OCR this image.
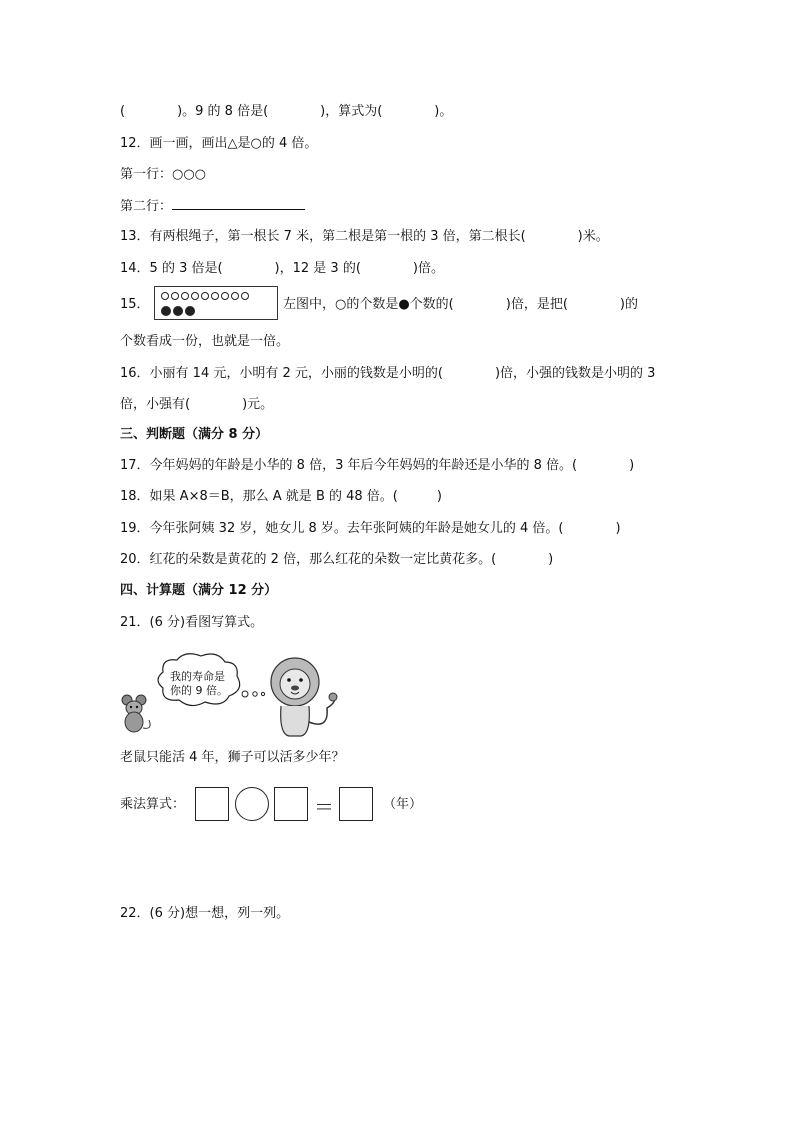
(　　　　)。9 的 8 倍是(　　　　)，算式为(　　　　)。
12．画一画，画出△是○的 4 倍。
第一行：○○○
第二行：
13．有两根绳子，第一根长 7 米，第二根是第一根的 3 倍，第二根长(　　　　)米。
14．5 的 3 倍是(　　　　)，12 是 3 的(　　　　)倍。
15．	左图中，○的个数是●个数的(　　　　)倍，是把(　　　　)的
个数看成一份，也就是一倍。
16．小丽有 14 元，小明有 2 元，小丽的钱数是小明的(　　　　)倍，小强的钱数是小明的 3
倍，小强有(　　　　)元。
三、判断题（满分 8 分）
17．今年妈妈的年龄是小华的 8 倍，3 年后今年妈妈的年龄还是小华的 8 倍。(　　　　)
18．如果 A×8＝B，那么 A 就是 B 的 48 倍。(　　　)
19．今年张阿姨 32 岁，她女儿 8 岁。去年张阿姨的年龄是她女儿的 4 倍。(　　　　)
20．红花的朵数是黄花的 2 倍，那么红花的朵数一定比黄花多。(　　　　)
四、计算题（满分 12 分）
21．(6 分)看图写算式。
我的寿命是
你的 9 倍。
老鼠只能活 4 年，狮子可以活多少年？
乘法算式：	＝	（年）
22．(6 分)想一想，列一列。
